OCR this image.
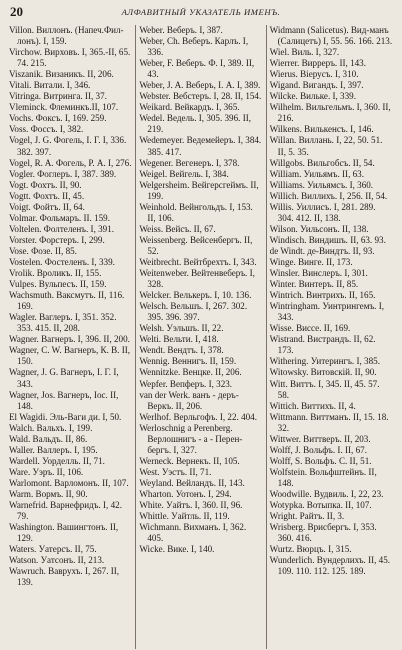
20	АЛФАВИТНЫЙ УКАЗАТЕЛЬ ИМЕНЪ.

Villon. Виллонъ. (Напеч.Фил-лонъ). I, 159.

Virchow. Вирховъ. I, 365.-II, 65. 74. 215.

Viszanik. Визаникъ. II, 206.

Vitali. Витали. I, 346.

Vitringa. Витринга. II, 37.

Vleminck. Флеминкъ.II, 107.

Vochs. Фоксъ. I, 169. 259.

Voss. Фоссъ. I, 382.

Vogel, J. G. Фогель, I. Г. I, 336. 382. 397.

Vogel, R. A. Фогель, Р. А. I, 276.

Vogler. Фоглеръ. I, 387. 389.

Vogt. Фохтъ. II, 90.

Vogtt. Фохтъ. II, 45.

Voigt. Фойтъ. II, 64.

Volmar. Фольмаръ. II. 159.

Voltelen. Фолтеленъ. I, 391.

Vorster. Форстеръ. I, 299.

Vose. Фозе. II, 85.

Vostelen. Фостеленъ. I, 339.

Vrolik. Вроликъ. II, 155.

Vulpes. Вульпесъ. II, 159.

Wachsmuth. Ваксмутъ. II, 116. 169.

Wagler. Ваглеръ. I, 351. 352. 353. 415. II, 208.

Wagner. Вагнеръ. I, 396. II, 200.

Wagner, C. W. Вагнеръ, К. В. II, 150.

Wagner, J. G. Вагнеръ, I. Г. I, 343.

Wagner, Jos. Вагнеръ, Ioc. II, 148.

El Wagidi. Эль-Ваги ди. I, 50.

Walch. Вальхъ. I, 199.

Wald. Вальдъ. II, 86.

Waller. Валлеръ. I, 195.

Wardell. Уорделль. II, 71.

Ware. Уэръ. II, 106.

Warlomont. Варломонъ. II, 107.

Warm. Вормъ. II, 90.

Warnefrid. Варнефридъ. I, 42. 79.

Washington. Вашингтонъ. II, 129.

Waters. Уатерсъ. II, 75.

Watson. Уатсонъ. II, 213.

Wawruch. Ваврухъ. I, 267. II, 139.

Weber. Веберъ. I, 387.

Weber, Ch. Веберъ. Карлъ. I, 336.

Weber, F. Веберъ. Ф. I, 389. II, 43.

Weber, J. A. Веберъ, I. А. I, 389.

Webster. Вебстеръ. I, 28. II, 154.

Weikard. Вейкардъ. I, 365.

Wedel. Ведель. I, 305. 396. II, 219.

Wedemeyer. Ведемейеръ. I, 384. 385. 417.

Wegener. Вегенеръ. I, 378.

Weigel. Вейгель. I, 384.

Welgersheim. Вейгерсгеймъ. II, 199.

Weinhold. Вейнгольдъ. I, 153. II, 106.

Weiss. Вейсъ. II, 67.

Weissenberg. Вейсенбергъ. II, 52.

Weitbrecht. Вейтбрехтъ. I, 343.

Weitenweber. Вейтенвеберъ. I, 328.

Welcker. Велькеръ. I, 10. 136.

Welsch. Вельшъ. I, 267. 302. 395. 396. 397.

Welsh. Уэльшъ. II, 22.

Welti. Вельти. I, 418.

Wendt. Вендтъ. I, 378.

Wennig. Веннигъ. II, 159.

Wennitzke. Венцке. II, 206.

Wepfer. Вепферъ. I, 323.

van der Werk. ванъ - деръ-Веркъ. II, 206.

Werlhof. Верльгофъ. I, 22. 404.

Werloschnig a Perenberg. Верлошнигъ - а - Перен-бергъ. I, 327.

Werneck. Вернекъ. II, 105.

West. Уэстъ. II, 71.

Weyland. Вейландъ. II, 143.

Wharton. Уотонъ. I, 294.

White. Уайтъ. I, 360. II, 96.

Whittle. Уайтль. II, 119.

Wichmann. Вихманъ. I, 362. 405.

Wicke. Вике. I, 140.

Widmann (Salicetus). Вид-манъ (Салицетъ) I, 55. 56. 166. 213.

Wiel. Виль. I, 327.

Wierrer. Вирреръ. II, 143.

Wierus. Віерусъ. I, 310.

Wigand. Вигандъ. I, 397.

Wilcke. Вильке. I, 339.

Wilhelm. Вильгельмъ. I, 360. II, 216.

Wilkens. Вилькенсъ. I, 146.

Willan. Виллань. I, 22, 50. 51. II, 5. 35.

Willgobs. Вильгобсъ. II, 54.

William. Уильямъ. II, 63.

Williams. Уильямсъ. I, 360.

Willich. Виллихъ. I, 256. II, 54.

Willis. Уиллисъ. I, 281. 289. 304. 412. II, 138.

Wilson. Уильсонъ. II, 138.

Windisch. Виндишъ. II, 63. 93.

de Windt. де-Виндтъ. II, 93.

Winge. Винге. II, 173.

Winsler. Винслеръ. I, 301.

Winter. Винтеръ. II, 85.

Wintrich. Винтрихъ. II, 165.

Wintringham. Уинтрингемъ. I, 343.

Wisse. Виссе. II, 169.

Wistrand. Вистрандъ. II, 62. 173.

Withering. Уитерингъ. I, 385.

Witowsky. Витовскій. II, 90.

Witt. Виттъ. I, 345. II, 45. 57. 58.

Wittich. Виттихъ. II, 4.

Wittmann. Виттманъ. II, 15. 18. 32.

Wittwer. Виттверъ. II, 203.

Wolff, J. Вольфъ. I. II, 67.

Wolff, S. Вольфъ. С. II, 51.

Wolfstein. Вольфштейнъ. II, 148.

Woodwille. Вудвиль. I, 22, 23.

Wotypka. Вотыпка. II, 107.

Wright. Райтъ. II, 3.

Wrisberg. Врисбергъ. I, 353. 360. 416.

Wurtz. Вюрцъ. I, 315.

Wunderlich. Вундерлихъ. II, 45. 109. 110. 112. 125. 189.
